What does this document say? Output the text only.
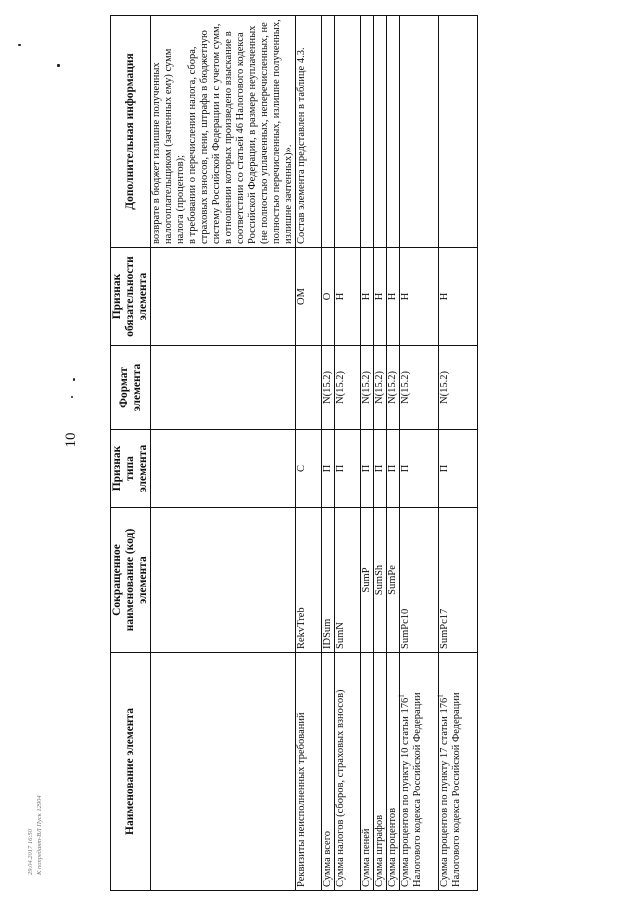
10
29.04.2017 16:50 К попредант-ВЛ Пуск 12904
Наименование элемента	Сокращенное наименование (код) элемента	Признак типа элемента	Формат элемента	Признак обязательности элемента	Дополнительная информация
					возврате в бюджет излишне полученных налогоплательщиком (зачтенных ему) сумм налога (процентов);
в требовании о перечислении налога, сбора, страховых взносов, пени, штрафа в бюджетную систему Российской Федерации и с учетом сумм, в отношении которых произведено взыскание в соответствии со статьей 46 Налогового кодекса Российской Федерации, в размере неуплаченных (не полностью уплаченных, неперечисленных, не полностью перечисленных, излишне полученных, излишне зачтенных)».
Реквизиты неисполненных требований	RekvTreb	С		ОМ	Состав элемента представлен в таблице 4.3.
Сумма всего	IDSum	П	N(15.2)	О	
Сумма налогов (сборов, страховых взносов)	SumN	П	N(15.2)	Н	
Сумма пеней	SumP	П	N(15.2)	Н	
Сумма штрафов	SumSh	П	N(15.2)	Н	
Сумма процентов	SumPe	П	N(15.2)	Н	
Сумма процентов по пункту 10 статьи $176^1$ Налогового кодекса Российской Федерации	SumPc10	П	N(15.2)	Н	
Сумма процентов по пункту 17 статьи $176^1$ Налогового кодекса Российской Федерации	SumPc17	П	N(15.2)	Н	
